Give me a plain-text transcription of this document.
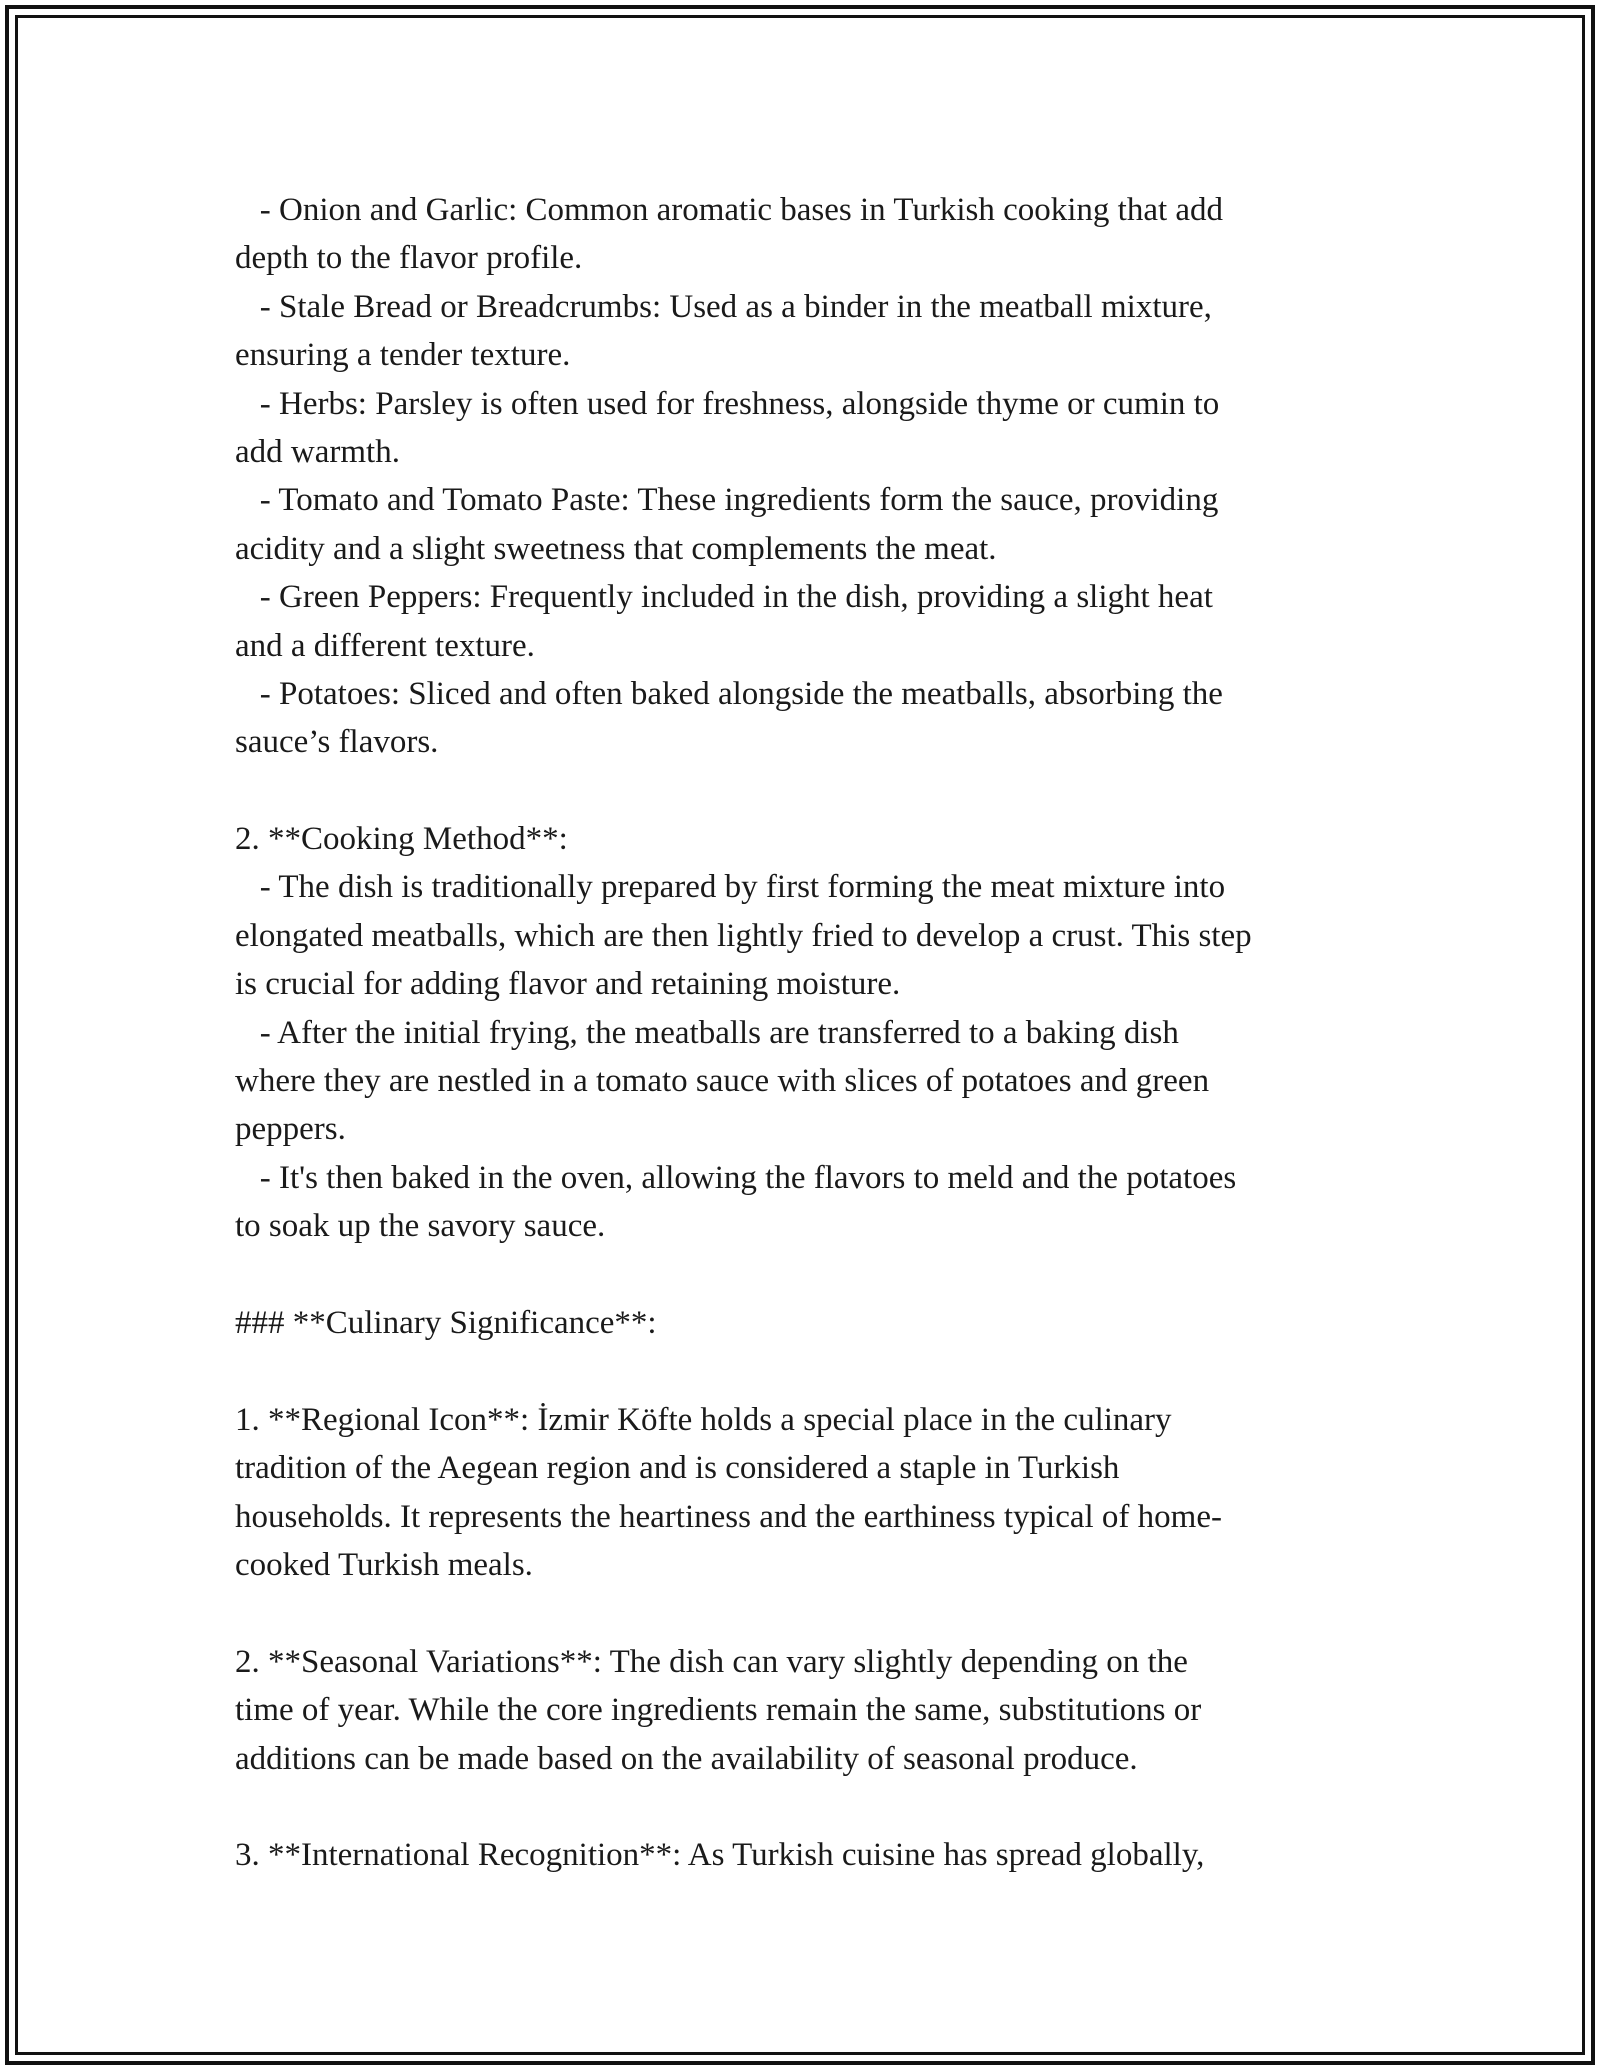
- Onion and Garlic: Common aromatic bases in Turkish cooking that add
depth to the flavor profile.
- Stale Bread or Breadcrumbs: Used as a binder in the meatball mixture,
ensuring a tender texture.
- Herbs: Parsley is often used for freshness, alongside thyme or cumin to
add warmth.
- Tomato and Tomato Paste: These ingredients form the sauce, providing
acidity and a slight sweetness that complements the meat.
- Green Peppers: Frequently included in the dish, providing a slight heat
and a different texture.
- Potatoes: Sliced and often baked alongside the meatballs, absorbing the
sauce’s flavors.
2. **Cooking Method**:
- The dish is traditionally prepared by first forming the meat mixture into
elongated meatballs, which are then lightly fried to develop a crust. This step
is crucial for adding flavor and retaining moisture.
- After the initial frying, the meatballs are transferred to a baking dish
where they are nestled in a tomato sauce with slices of potatoes and green
peppers.
- It's then baked in the oven, allowing the flavors to meld and the potatoes
to soak up the savory sauce.
### **Culinary Significance**:
1. **Regional Icon**: İzmir Köfte holds a special place in the culinary
tradition of the Aegean region and is considered a staple in Turkish
households. It represents the heartiness and the earthiness typical of home-
cooked Turkish meals.
2. **Seasonal Variations**: The dish can vary slightly depending on the
time of year. While the core ingredients remain the same, substitutions or
additions can be made based on the availability of seasonal produce.
3. **International Recognition**: As Turkish cuisine has spread globally,
